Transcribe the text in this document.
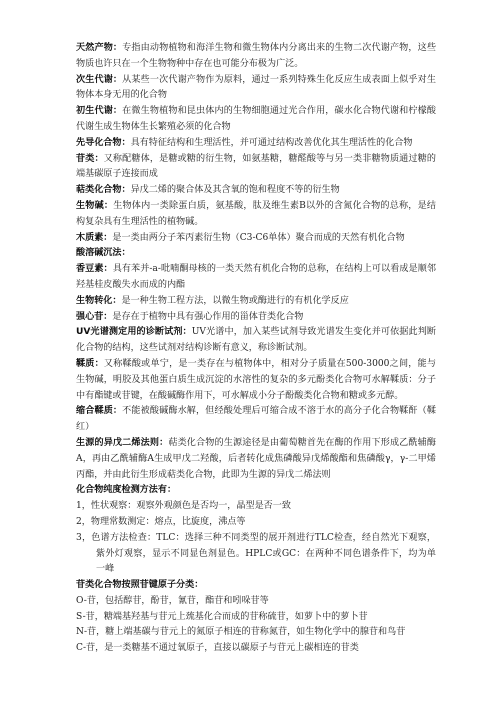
天然产物：专指由动物植物和海洋生物和微生物体内分离出来的生物二次代谢产物，这些物质也许只在一个生物物种中存在也可能分布极为广泛。

次生代谢：从某些一次代谢产物作为原料，通过一系列特殊生化反应生成表面上似乎对生物体本身无用的化合物

初生代谢：在微生物植物和昆虫体内的生物细胞通过光合作用，碳水化合物代谢和柠檬酸代谢生成生物体生长繁殖必须的化合物

先导化合物：具有特征结构和生理活性，并可通过结构改善优化其生理活性的化合物

苷类：又称配糖体，是糖或糖的衍生物，如氨基糖，糖醛酸等与另一类非糖物质通过糖的端基碳原子连接而成

萜类化合物：异戊二烯的聚合体及其含氧的饱和程度不等的衍生物

生物碱：生物体内一类除蛋白质，氨基酸，肽及维生素B以外的含氮化合物的总称，是结构复杂具有生理活性的植物碱。

木质素：是一类由两分子苯丙素衍生物（C3-C6单体）聚合而成的天然有机化合物

酸溶碱沉法：

香豆素：具有苯并-a-吡喃酮母核的一类天然有机化合物的总称，在结构上可以看成是顺邻羟基桂皮酸失水而成的内酯

生物转化：是一种生物工程方法，以微生物或酶进行的有机化学反应

强心苷：是存在于植物中具有强心作用的甾体苷类化合物

UV光谱测定用的诊断试剂：UV光谱中，加入某些试剂导致光谱发生变化并可依据此判断化合物的结构，这些试剂对结构诊断有意义，称诊断试剂。

鞣质：又称鞣酸或单宁，是一类存在与植物体中，相对分子质量在500-3000之间，能与生物碱，明胶及其他蛋白质生成沉淀的水溶性的复杂的多元酚类化合物可水解鞣质：分子中有酯键或苷键，在酸碱酶作用下，可水解成小分子酚酸类化合物和糖或多元醇。

缩合鞣质：不能被酸碱酶水解，但经酸处理后可缩合成不溶于水的高分子化合物鞣酐（鞣红）

生源的异戊二烯法则：萜类化合物的生源途径是由葡萄糖首先在酶的作用下形成乙酰辅酶A，再由乙酰辅酶A生成甲戊二羟酸，后者转化成焦磷酸异戊烯酸酯和焦磷酸γ，γ-二甲烯丙酯，并由此衍生形成萜类化合物，此即为生源的异戊二烯法则

化合物纯度检测方法有：

1，性状观察：观察外观颜色是否均一，晶型是否一致

2，物理常数测定：熔点，比旋度，沸点等

3，色谱方法检查：TLC：选择三种不同类型的展开剂进行TLC检查，经自然光下观察，紫外灯观察，显示不同显色剂显色。HPLC或GC：在两种不同色谱条件下，均为单一峰

苷类化合物按照苷键原子分类：

O-苷，包括醇苷，酚苷，氰苷，酯苷和吲哚苷等

S-苷，糖端基羟基与苷元上巯基化合而成的苷称硫苷，如萝卜中的萝卜苷

N-苷，糖上端基碳与苷元上的氮原子相连的苷称氮苷，如生物化学中的腺苷和鸟苷

C-苷，是一类糖基不通过氧原子，直接以碳原子与苷元上碳相连的苷类
